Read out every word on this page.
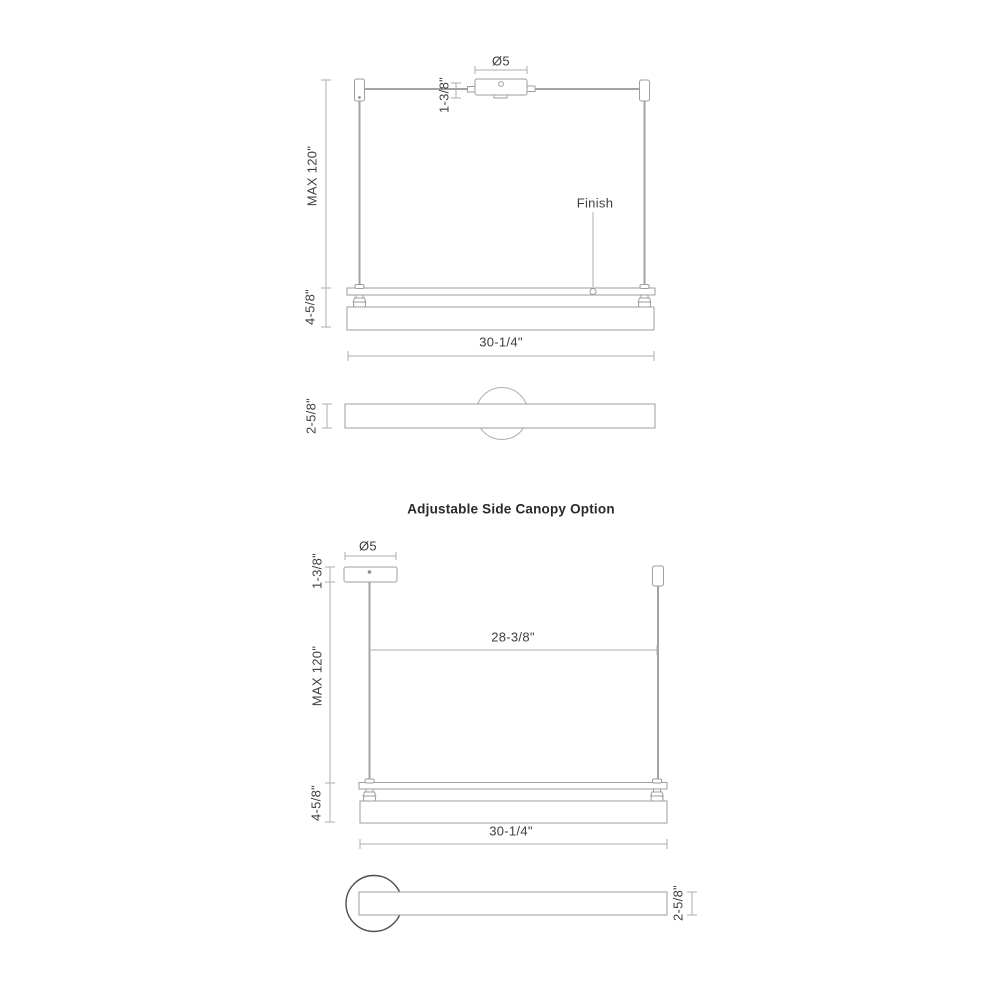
Ø5
1-3/8"
MAX 120"	Finish
4-5/8"
30-1/4"
2-5/8"
Adjustable Side Canopy Option
Ø5
1-3/8"
MAX 120"
28-3/8"
4-5/8"
30-1/4"
2-5/8"
